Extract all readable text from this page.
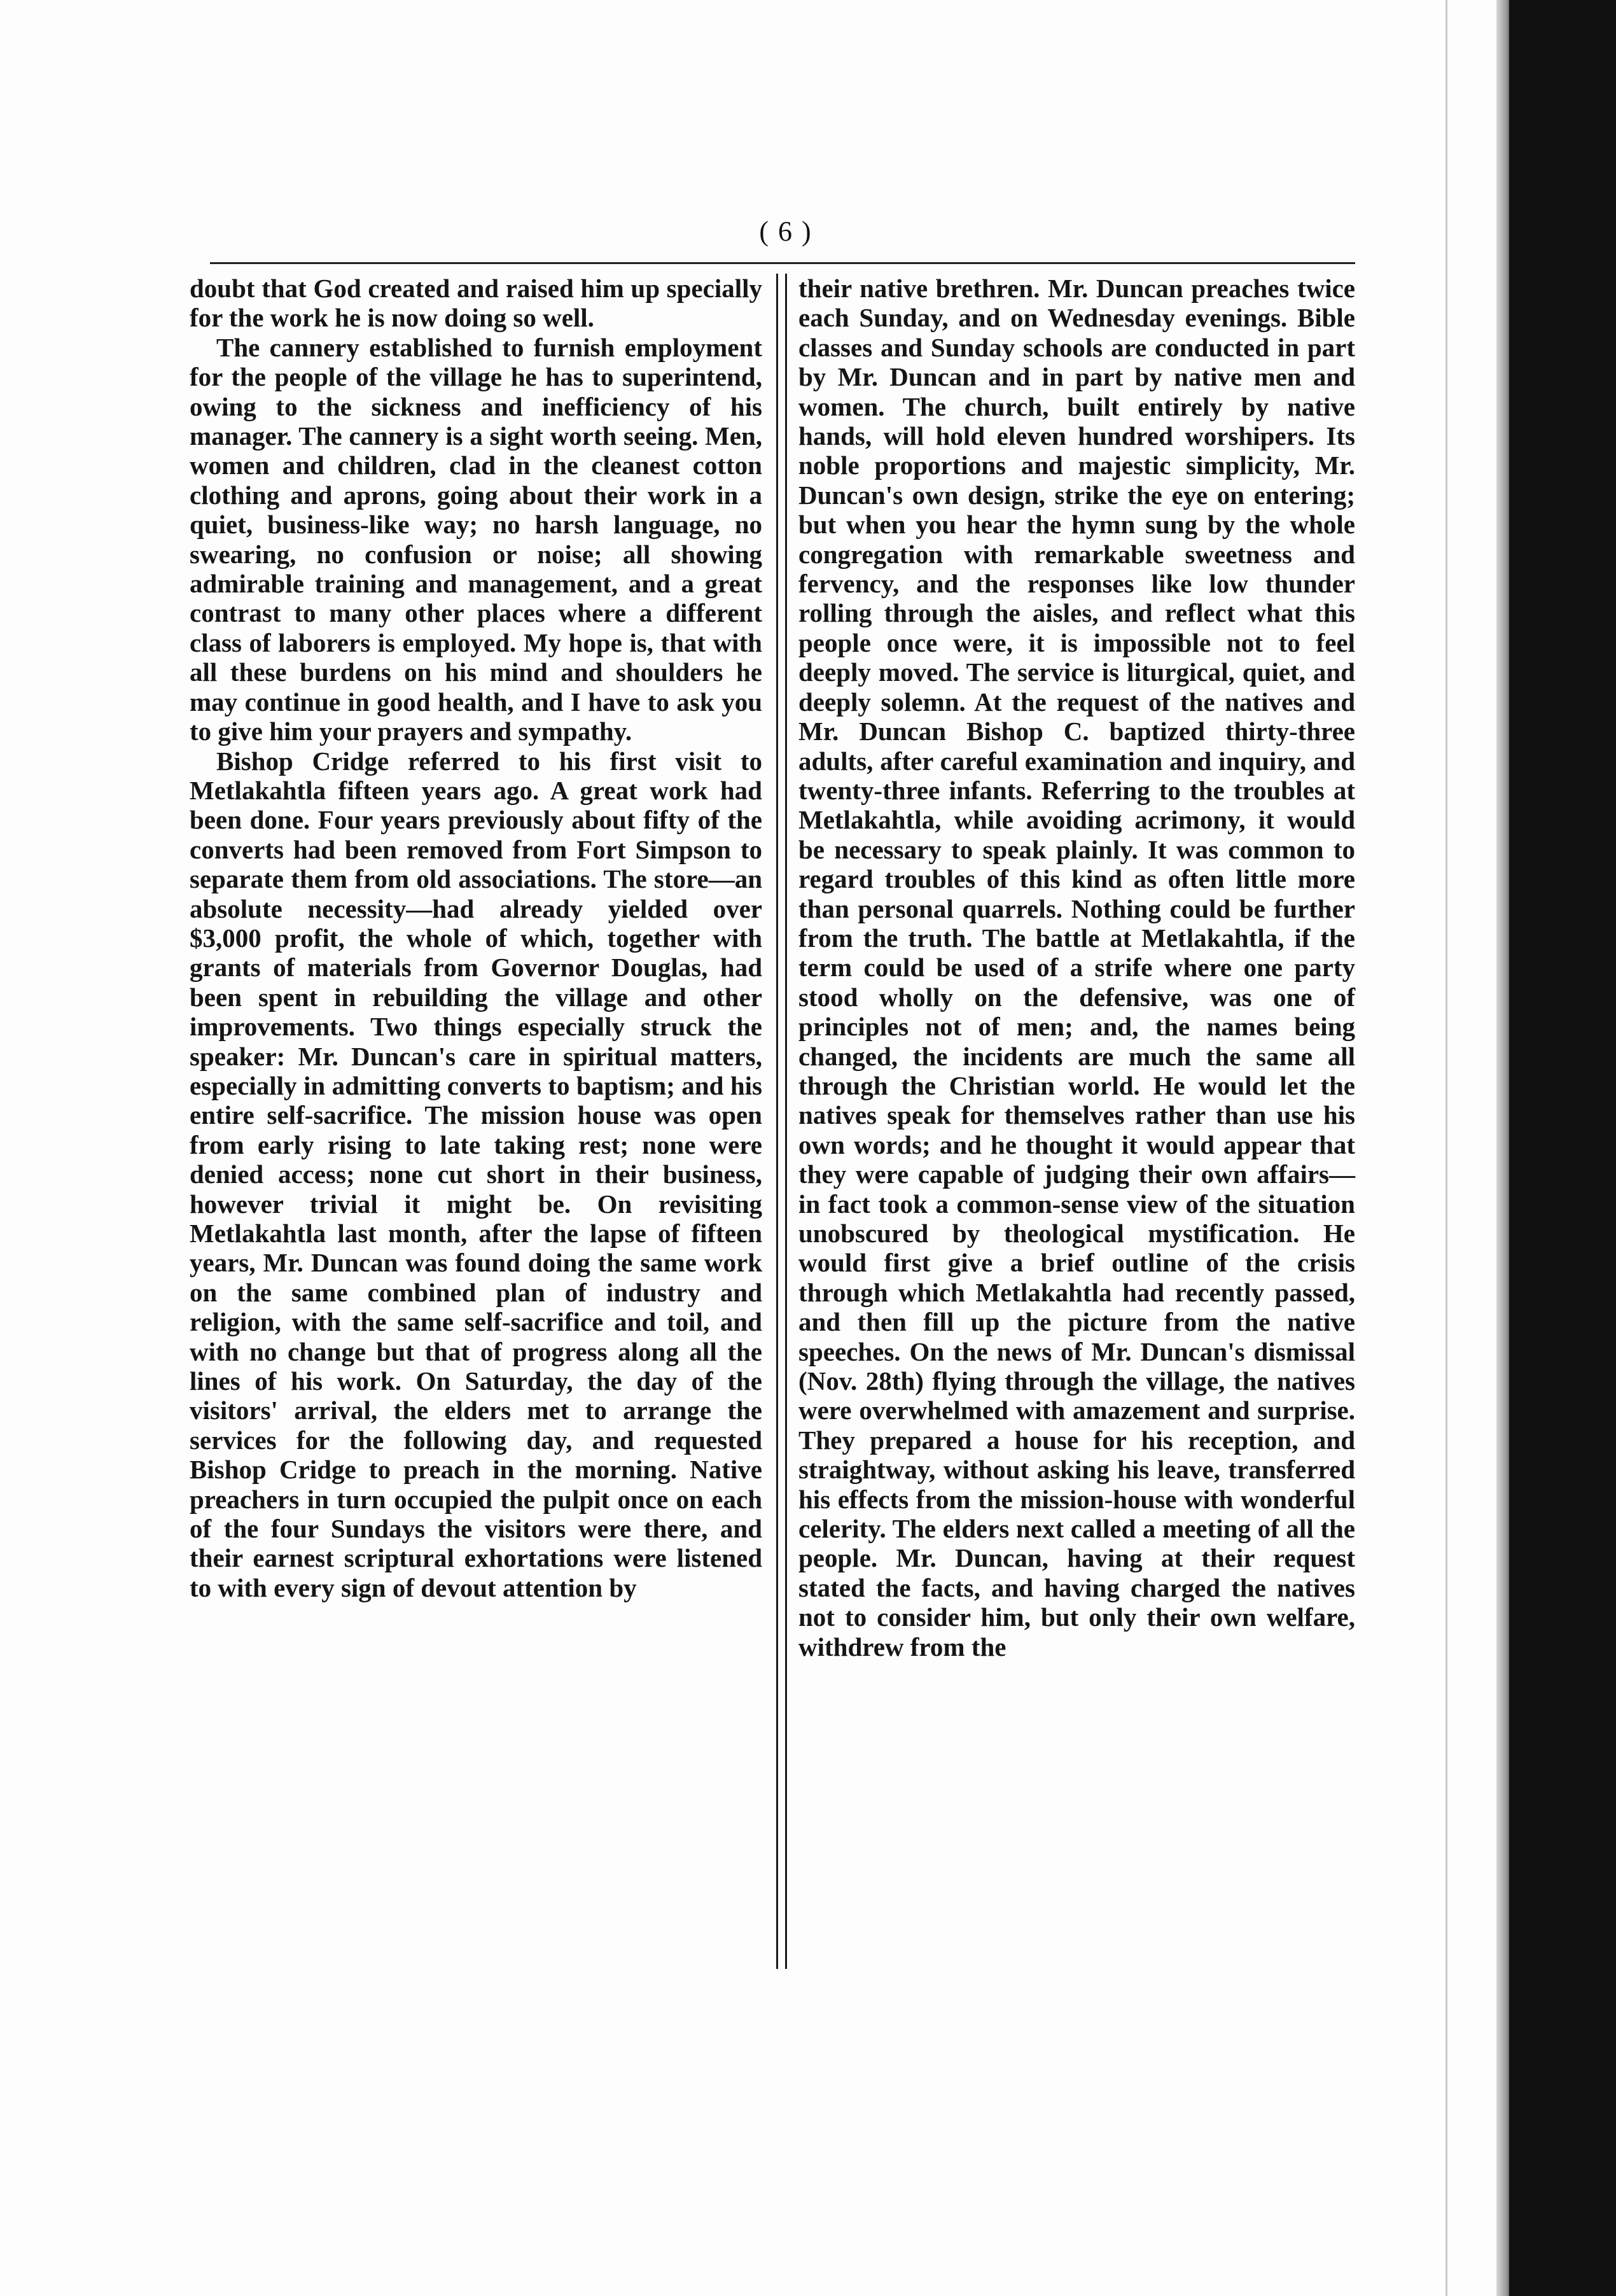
( 6 )

doubt that God created and raised him up specially for the work he is now doing so well.

The cannery established to furnish employment for the people of the village he has to superintend, owing to the sickness and inefficiency of his manager. The cannery is a sight worth seeing. Men, women and children, clad in the cleanest cotton clothing and aprons, going about their work in a quiet, business-like way; no harsh language, no swearing, no confusion or noise; all showing admirable training and management, and a great contrast to many other places where a different class of laborers is employed. My hope is, that with all these burdens on his mind and shoulders he may continue in good health, and I have to ask you to give him your prayers and sympathy.

Bishop Cridge referred to his first visit to Metlakahtla fifteen years ago. A great work had been done. Four years previously about fifty of the converts had been removed from Fort Simpson to separate them from old associations. The store—an absolute necessity—had already yielded over $3,000 profit, the whole of which, together with grants of materials from Governor Douglas, had been spent in rebuilding the village and other improvements. Two things especially struck the speaker: Mr. Duncan's care in spiritual matters, especially in admitting converts to baptism; and his entire self-sacrifice. The mission house was open from early rising to late taking rest; none were denied access; none cut short in their business, however trivial it might be. On revisiting Metlakahtla last month, after the lapse of fifteen years, Mr. Duncan was found doing the same work on the same combined plan of industry and religion, with the same self-sacrifice and toil, and with no change but that of progress along all the lines of his work. On Saturday, the day of the visitors' arrival, the elders met to arrange the services for the following day, and requested Bishop Cridge to preach in the morning. Native preachers in turn occupied the pulpit once on each of the four Sundays the visitors were there, and their earnest scriptural exhortations were listened to with every sign of devout attention by

their native brethren. Mr. Duncan preaches twice each Sunday, and on Wednesday evenings. Bible classes and Sunday schools are conducted in part by Mr. Duncan and in part by native men and women. The church, built entirely by native hands, will hold eleven hundred worshipers. Its noble proportions and majestic simplicity, Mr. Duncan's own design, strike the eye on entering; but when you hear the hymn sung by the whole congregation with remarkable sweetness and fervency, and the responses like low thunder rolling through the aisles, and reflect what this people once were, it is impossible not to feel deeply moved. The service is liturgical, quiet, and deeply solemn. At the request of the natives and Mr. Duncan Bishop C. baptized thirty-three adults, after careful examination and inquiry, and twenty-three infants. Referring to the troubles at Metlakahtla, while avoiding acrimony, it would be necessary to speak plainly. It was common to regard troubles of this kind as often little more than personal quarrels. Nothing could be further from the truth. The battle at Metlakahtla, if the term could be used of a strife where one party stood wholly on the defensive, was one of principles not of men; and, the names being changed, the incidents are much the same all through the Christian world. He would let the natives speak for themselves rather than use his own words; and he thought it would appear that they were capable of judging their own affairs—in fact took a common-sense view of the situation unobscured by theological mystification. He would first give a brief outline of the crisis through which Metlakahtla had recently passed, and then fill up the picture from the native speeches. On the news of Mr. Duncan's dismissal (Nov. 28th) flying through the village, the natives were overwhelmed with amazement and surprise. They prepared a house for his reception, and straightway, without asking his leave, transferred his effects from the mission-house with wonderful celerity. The elders next called a meeting of all the people. Mr. Duncan, having at their request stated the facts, and having charged the natives not to consider him, but only their own welfare, withdrew from the
